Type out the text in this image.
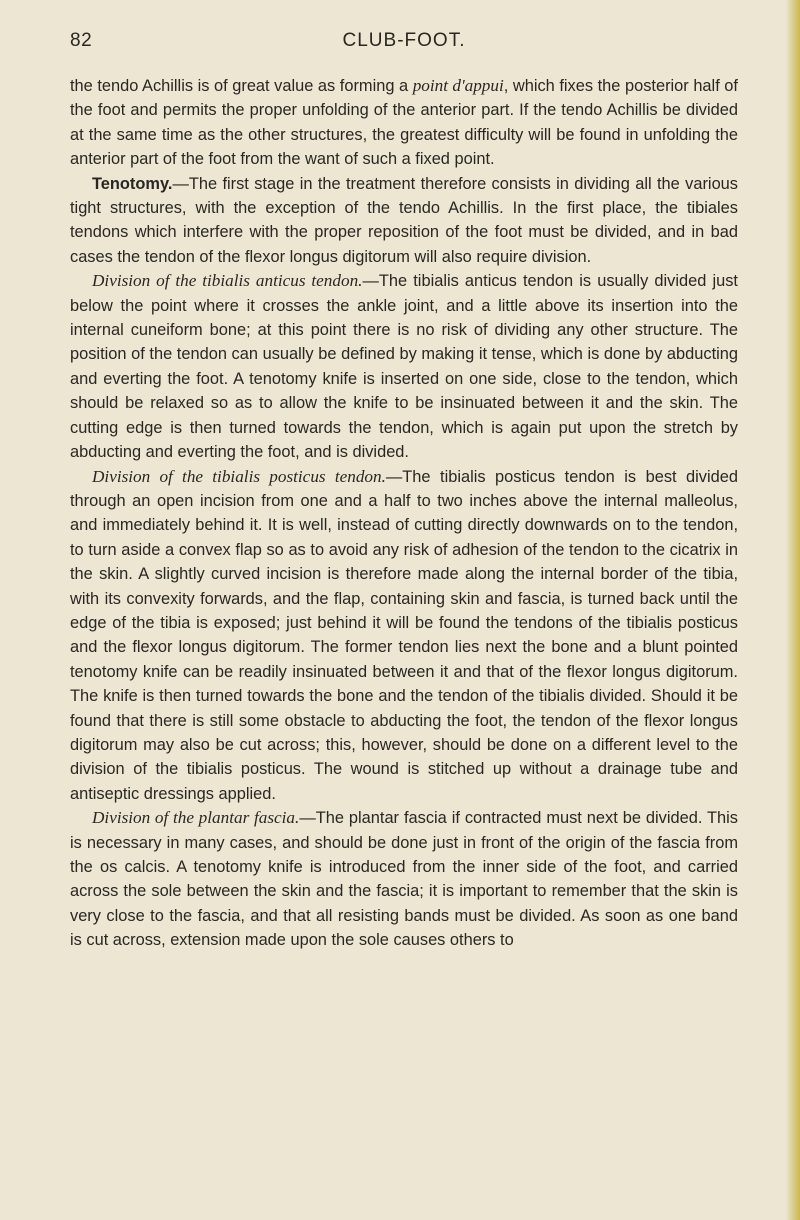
82	CLUB-FOOT.

the tendo Achillis is of great value as forming a point d'appui, which fixes the posterior half of the foot and permits the proper unfolding of the anterior part. If the tendo Achillis be divided at the same time as the other structures, the greatest difficulty will be found in unfolding the anterior part of the foot from the want of such a fixed point.

Tenotomy.—The first stage in the treatment therefore consists in dividing all the various tight structures, with the exception of the tendo Achillis. In the first place, the tibiales tendons which interfere with the proper reposition of the foot must be divided, and in bad cases the tendon of the flexor longus digitorum will also require division.

Division of the tibialis anticus tendon.—The tibialis anticus tendon is usually divided just below the point where it crosses the ankle joint, and a little above its insertion into the internal cuneiform bone; at this point there is no risk of dividing any other structure. The position of the tendon can usually be defined by making it tense, which is done by abducting and everting the foot. A tenotomy knife is inserted on one side, close to the tendon, which should be relaxed so as to allow the knife to be insinuated between it and the skin. The cutting edge is then turned towards the tendon, which is again put upon the stretch by abducting and everting the foot, and is divided.

Division of the tibialis posticus tendon.—The tibialis posticus tendon is best divided through an open incision from one and a half to two inches above the internal malleolus, and immediately behind it. It is well, instead of cutting directly downwards on to the tendon, to turn aside a convex flap so as to avoid any risk of adhesion of the tendon to the cicatrix in the skin. A slightly curved incision is therefore made along the internal border of the tibia, with its convexity forwards, and the flap, containing skin and fascia, is turned back until the edge of the tibia is exposed; just behind it will be found the tendons of the tibialis posticus and the flexor longus digitorum. The former tendon lies next the bone and a blunt pointed tenotomy knife can be readily insinuated between it and that of the flexor longus digitorum. The knife is then turned towards the bone and the tendon of the tibialis divided. Should it be found that there is still some obstacle to abducting the foot, the tendon of the flexor longus digitorum may also be cut across; this, however, should be done on a different level to the division of the tibialis posticus. The wound is stitched up without a drainage tube and antiseptic dressings applied.

Division of the plantar fascia.—The plantar fascia if contracted must next be divided. This is necessary in many cases, and should be done just in front of the origin of the fascia from the os calcis. A tenotomy knife is introduced from the inner side of the foot, and carried across the sole between the skin and the fascia; it is important to remember that the skin is very close to the fascia, and that all resisting bands must be divided. As soon as one band is cut across, extension made upon the sole causes others to
